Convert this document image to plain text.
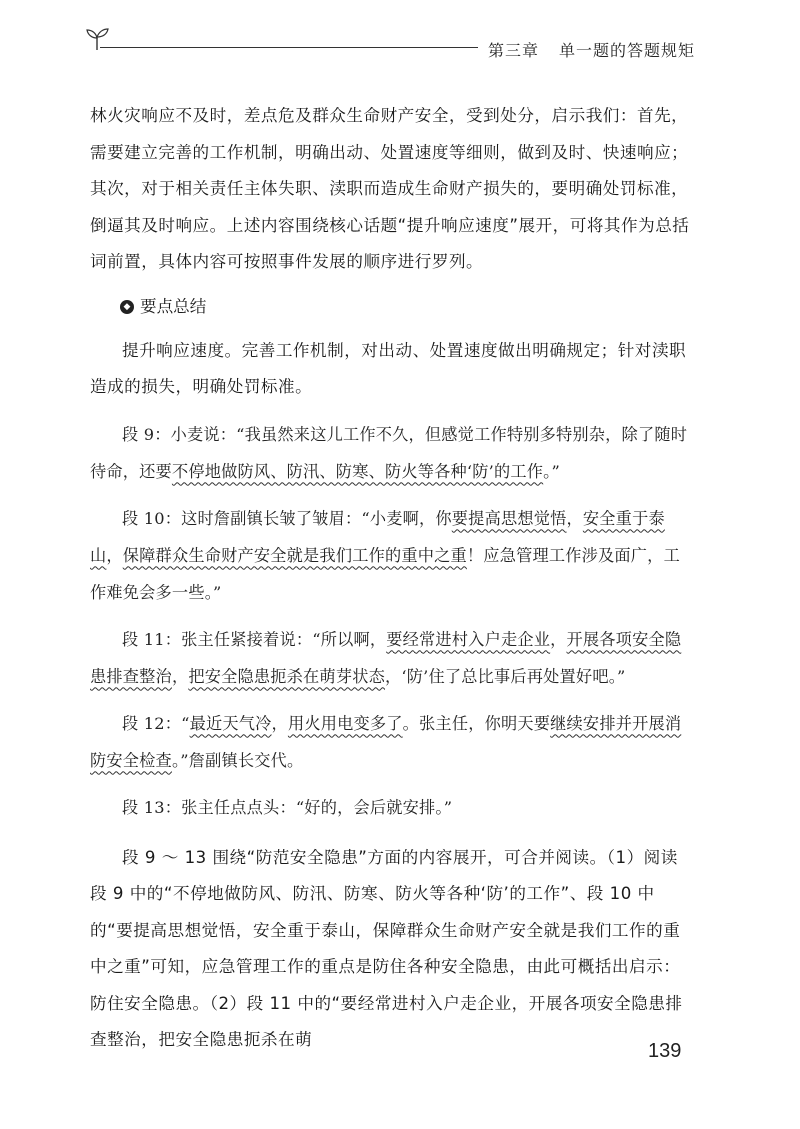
第三章 单一题的答题规矩

林火灾响应不及时，差点危及群众生命财产安全，受到处分，启示我们：首先，需要建立完善的工作机制，明确出动、处置速度等细则，做到及时、快速响应；其次，对于相关责任主体失职、渎职而造成生命财产损失的，要明确处罚标准，倒逼其及时响应。上述内容围绕核心话题“提升响应速度”展开，可将其作为总括词前置，具体内容可按照事件发展的顺序进行罗列。

◆ 要点总结

提升响应速度。完善工作机制，对出动、处置速度做出明确规定；针对渎职造成的损失，明确处罚标准。

段 9：小麦说：“我虽然来这儿工作不久，但感觉工作特别多特别杂，除了随时待命，还要不停地做防风、防汛、防寒、防火等各种‘防’的工作。”

段 10：这时詹副镇长皱了皱眉：“小麦啊，你要提高思想觉悟，安全重于泰山，保障群众生命财产安全就是我们工作的重中之重！应急管理工作涉及面广，工作难免会多一些。”

段 11：张主任紧接着说：“所以啊，要经常进村入户走企业，开展各项安全隐患排查整治，把安全隐患扼杀在萌芽状态，‘防’住了总比事后再处置好吧。”

段 12：“最近天气冷，用火用电变多了。张主任，你明天要继续安排并开展消防安全检查。”詹副镇长交代。

段 13：张主任点点头：“好的，会后就安排。”

段 9 ～ 13 围绕“防范安全隐患”方面的内容展开，可合并阅读。（1）阅读段 9 中的“不停地做防风、防汛、防寒、防火等各种‘防’的工作”、段 10 中的“要提高思想觉悟，安全重于泰山，保障群众生命财产安全就是我们工作的重中之重”可知，应急管理工作的重点是防住各种安全隐患，由此可概括出启示：防住安全隐患。（2）段 11 中的“要经常进村入户走企业，开展各项安全隐患排查整治，把安全隐患扼杀在萌

139
